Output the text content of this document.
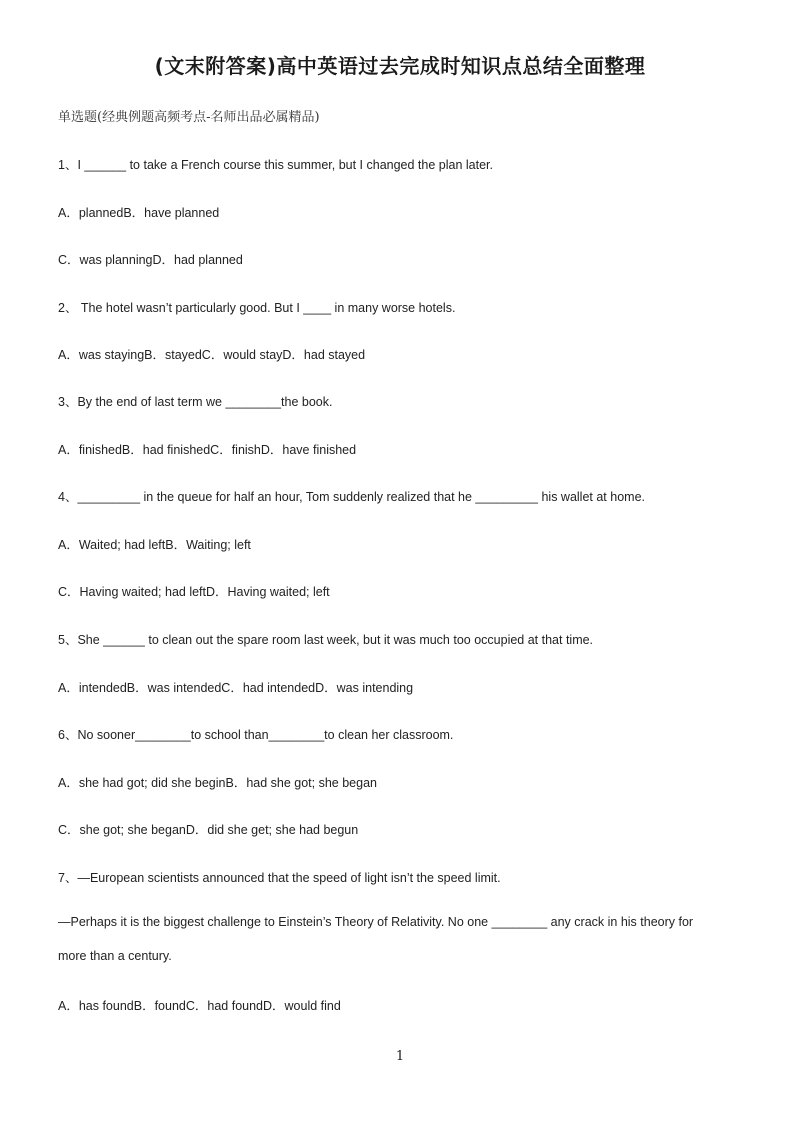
(文末附答案)高中英语过去完成时知识点总结全面整理
单选题(经典例题高频考点-名师出品必属精品)
1、I ______ to take a French course this summer, but I changed the plan later.
A．plannedB．have planned
C．was planningD．had planned
2、 The hotel wasn’t particularly good. But I ____ in many worse hotels.
A．was stayingB．stayedC．would stayD．had stayed
3、By the end of last term we ________the book.
A．finishedB．had finishedC．finishD．have finished
4、_________ in the queue for half an hour, Tom suddenly realized that he _________ his wallet at home.
A．Waited; had leftB．Waiting; left
C．Having waited; had leftD．Having waited; left
5、She ______ to clean out the spare room last week, but it was much too occupied at that time.
A．intendedB．was intendedC．had intendedD．was intending
6、No sooner________to school than________to clean her classroom.
A．she had got; did she beginB．had she got; she began
C．she got; she beganD．did she get; she had begun
7、—European scientists announced that the speed of light isn’t the speed limit.
—Perhaps it is the biggest challenge to Einstein’s Theory of Relativity. No one ________ any crack in his theory for
more than a century.
A．has foundB．foundC．had foundD．would find
1
